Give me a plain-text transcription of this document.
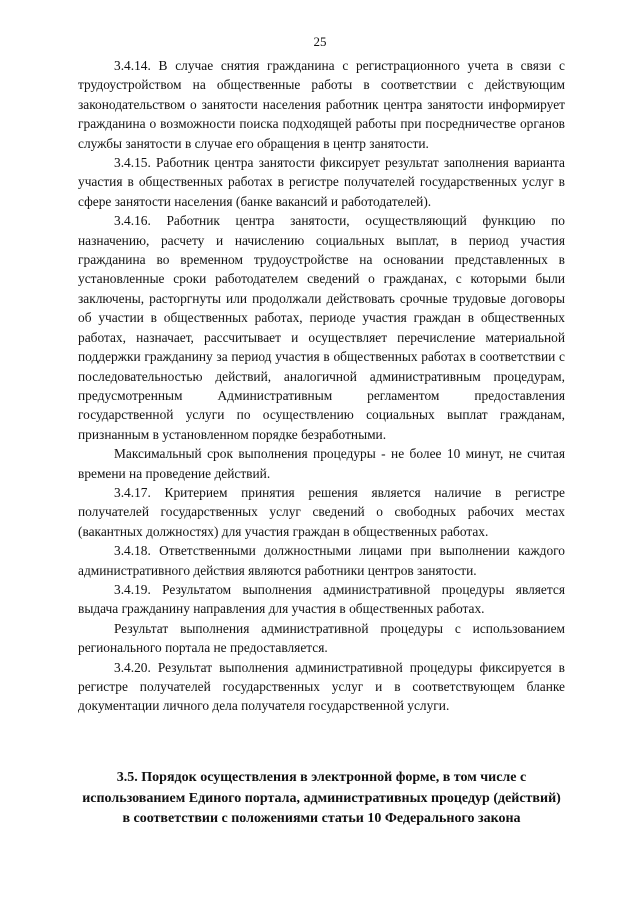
25

3.4.14. В случае снятия гражданина с регистрационного учета в связи с трудоустройством на общественные работы в соответствии с действующим законодательством о занятости населения работник центра занятости информирует гражданина о возможности поиска подходящей работы при посредничестве органов службы занятости в случае его обращения в центр занятости.

3.4.15. Работник центра занятости фиксирует результат заполнения варианта участия в общественных работах в регистре получателей государственных услуг в сфере занятости населения (банке вакансий и работодателей).

3.4.16. Работник центра занятости, осуществляющий функцию по назначению, расчету и начислению социальных выплат, в период участия гражданина во временном трудоустройстве на основании представленных в установленные сроки работодателем сведений о гражданах, с которыми были заключены, расторгнуты или продолжали действовать срочные трудовые договоры об участии в общественных работах, периоде участия граждан в общественных работах, назначает, рассчитывает и осуществляет перечисление материальной поддержки гражданину за период участия в общественных работах в соответствии с последовательностью действий, аналогичной административным процедурам, предусмотренным Административным регламентом предоставления государственной услуги по осуществлению социальных выплат гражданам, признанным в установленном порядке безработными.

Максимальный срок выполнения процедуры - не более 10 минут, не считая времени на проведение действий.

3.4.17. Критерием принятия решения является наличие в регистре получателей государственных услуг сведений о свободных рабочих местах (вакантных должностях) для участия граждан в общественных работах.

3.4.18. Ответственными должностными лицами при выполнении каждого административного действия являются работники центров занятости.

3.4.19. Результатом выполнения административной процедуры является выдача гражданину направления для участия в общественных работах.

Результат выполнения административной процедуры с использованием регионального портала не предоставляется.

3.4.20. Результат выполнения административной процедуры фиксируется в регистре получателей государственных услуг и в соответствующем бланке документации личного дела получателя государственной услуги.

3.5. Порядок осуществления в электронной форме, в том числе с использованием Единого портала, административных процедур (действий) в соответствии с положениями статьи 10 Федерального закона
